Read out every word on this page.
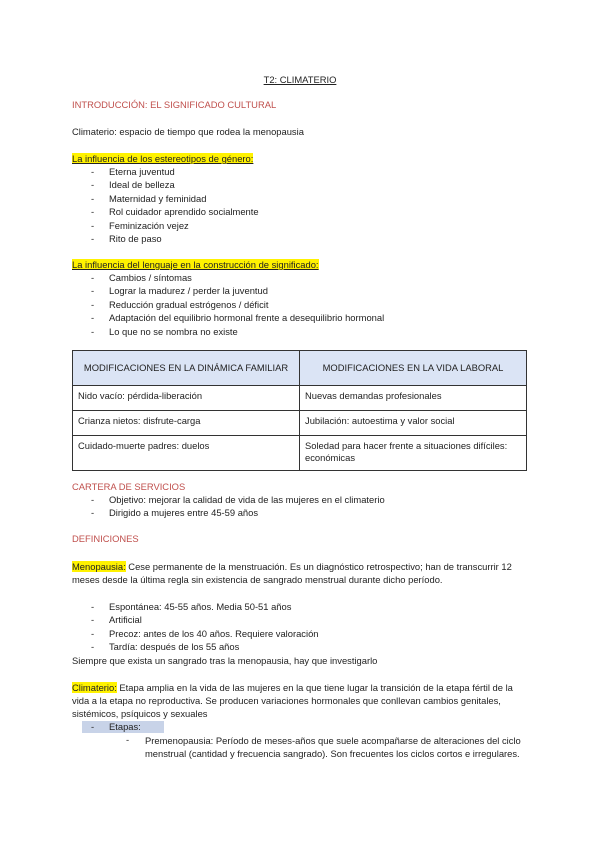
T2: CLIMATERIO
INTRODUCCIÓN: EL SIGNIFICADO CULTURAL
Climaterio: espacio de tiempo que rodea la menopausia
La influencia de los estereotipos de género:
- Eterna juventud
- Ideal de belleza
- Maternidad y feminidad
- Rol cuidador aprendido socialmente
- Feminización vejez
- Rito de paso
La influencia del lenguaje en la construcción de significado:
- Cambios / síntomas
- Lograr la madurez / perder la juventud
- Reducción gradual estrógenos / déficit
- Adaptación del equilibrio hormonal frente a desequilibrio hormonal
- Lo que no se nombra no existe
MODIFICACIONES EN LA DINÁMICA FAMILIAR	MODIFICACIONES EN LA VIDA LABORAL
Nido vacío: pérdida-liberación	Nuevas demandas profesionales
Crianza nietos: disfrute-carga	Jubilación: autoestima y valor social
Cuidado-muerte padres: duelos	Soledad para hacer frente a situaciones difíciles: económicas
CARTERA DE SERVICIOS
- Objetivo: mejorar la calidad de vida de las mujeres en el climaterio
- Dirigido a mujeres entre 45-59 años
DEFINICIONES
Menopausia: Cese permanente de la menstruación. Es un diagnóstico retrospectivo; han de transcurrir 12 meses desde la última regla sin existencia de sangrado menstrual durante dicho período.
- Espontánea: 45-55 años. Media 50-51 años
- Artificial
- Precoz: antes de los 40 años. Requiere valoración
- Tardía: después de los 55 años
Siempre que exista un sangrado tras la menopausia, hay que investigarlo
Climaterio: Etapa amplia en la vida de las mujeres en la que tiene lugar la transición de la etapa fértil de la vida a la etapa no reproductiva. Se producen variaciones hormonales que conllevan cambios genitales, sistémicos, psíquicos y sexuales
- Etapas:
- Premenopausia: Período de meses-años que suele acompañarse de alteraciones del ciclo menstrual (cantidad y frecuencia sangrado). Son frecuentes los ciclos cortos e irregulares.
